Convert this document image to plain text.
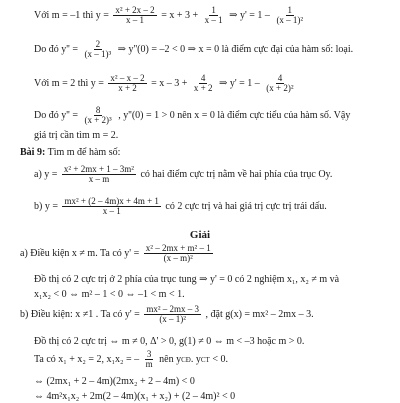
Với m = –1 thì $y = \frac{\text{x² + 2x – 2}}{x - 1} = x + 3 + \frac{1}{x - 1}$ ⇒ $y' = 1 - \frac{1}{\text{(x – 1)²}}$
Do đó $y'' = \frac{2}{\text{(x – 1)³}}$ ⇒ y''(0) = –2 < 0 ⇒ x = 0 là điểm cực đại của hàm số: loại.
Với m = 2 thì $y = \frac{\text{x² – x – 2}}{x + 2} = x - 3 + \frac{4}{x + 2}$ ⇒ $y' = 1 - \frac{4}{\text{(x + 2)²}}$
Do đó $y'' = \frac{8}{\text{(x + 2)³}}$ , y''(0) = 1 > 0 nên x = 0 là điểm cực tiểu của hàm số. Vậy
giá trị cần tìm m = 2.
Bài 9: Tìm m để hàm số:
a) $y = \frac{\text{x² + 2mx + 1 – 3m²}}{x - m}$ có hai điểm cực trị nằm về hai phía của trục Oy.
b) $y = \frac{\text{mx² + (2 – 4m)x + 4m + 1}}{x - 1}$ có 2 cực trị và hai giá trị cực trị trái dấu.
Giải
a) Điều kiện x ≠ m. Ta có $y' = \frac{\text{x² – 2mx + m² – 1}}{\text{(x – m)²}}$
Đồ thị có 2 cực trị ở 2 phía của trục tung ⇒ y' = 0 có 2 nghiệm x₁, x₂ ≠ m và
x₁x₂ < 0 ⇔ m² – 1 < 0 ⇔ –1 < m < 1.
b) Điều kiện: x ≠1 . Ta có $y' = \frac{\text{mx² – 2mx – 3}}{\text{(x – 1)²}}$ , đặt g(x) = mx² – 2mx – 3.
Đồ thị có 2 cực trị ⇔ m ≠ 0, Δ' > 0, g(1) ≠ 0 ⇔ m < –3 hoặc m > 0.
Ta có x₁ + x₂ = 2, x₁x₂ = – $\frac{3}{m}$ nên y CĐ . y CT < 0.
⇔ (2mx₁ + 2 – 4m)(2mx₂ + 2 – 4m) < 0
⇔ 4m²x₁x₂ + 2m(2 – 4m)(x₁ + x₂) + (2 – 4m)² < 0
